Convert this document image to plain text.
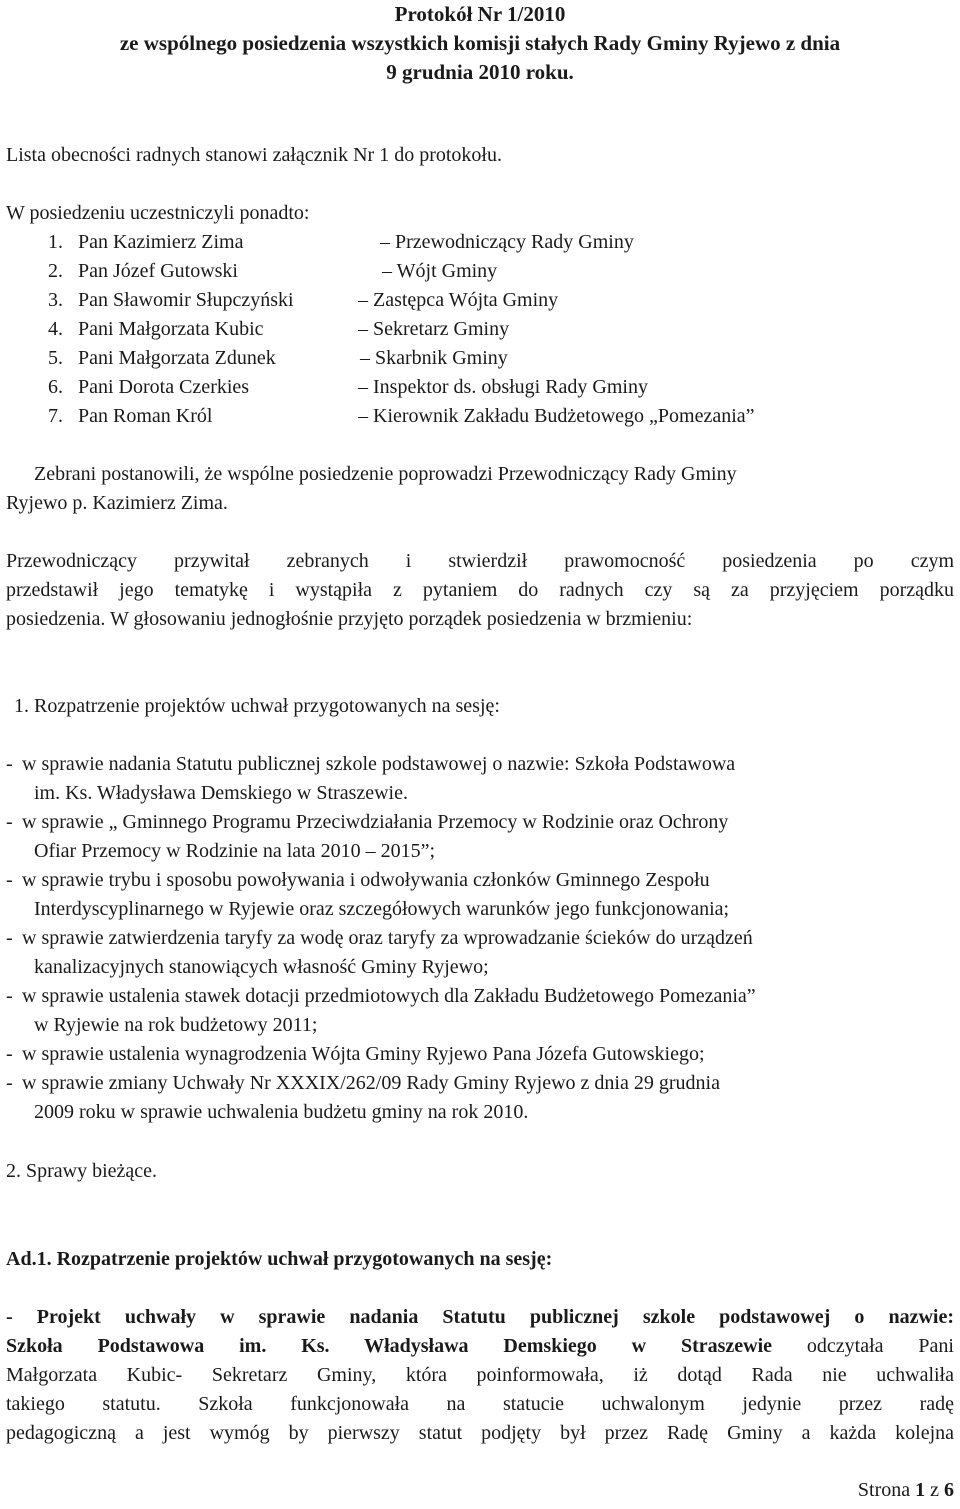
Protokół Nr 1/2010
ze wspólnego posiedzenia wszystkich komisji stałych Rady Gminy Ryjewo z dnia
9 grudnia 2010 roku.
Lista obecności radnych stanowi załącznik Nr 1 do protokołu.
W posiedzeniu uczestniczyli ponadto:
1. Pan Kazimierz Zima	– Przewodniczący Rady Gminy
2. Pan Józef Gutowski	– Wójt Gminy
3. Pan Sławomir Słupczyński	– Zastępca Wójta Gminy
4. Pani Małgorzata Kubic	– Sekretarz Gminy
5. Pani Małgorzata Zdunek	– Skarbnik Gminy
6. Pani Dorota Czerkies	– Inspektor ds. obsługi Rady Gminy
7. Pan Roman Król	– Kierownik Zakładu Budżetowego „Pomezania”
Zebrani postanowili, że wspólne posiedzenie poprowadzi Przewodniczący Rady Gminy
Ryjewo p. Kazimierz Zima.
Przewodniczący przywitał zebranych i stwierdził prawomocność posiedzenia po czym
przedstawił jego tematykę i wystąpiła z pytaniem do radnych czy są za przyjęciem porządku
posiedzenia. W głosowaniu jednogłośnie przyjęto porządek posiedzenia w brzmieniu:
1. Rozpatrzenie projektów uchwał przygotowanych na sesję:
- w sprawie nadania Statutu publicznej szkole podstawowej o nazwie: Szkoła Podstawowa
im. Ks. Władysława Demskiego w Straszewie.
- w sprawie „ Gminnego Programu Przeciwdziałania Przemocy w Rodzinie oraz Ochrony
Ofiar Przemocy w Rodzinie na lata 2010 – 2015”;
- w sprawie trybu i sposobu powoływania i odwoływania członków Gminnego Zespołu
Interdyscyplinarnego w Ryjewie oraz szczegółowych warunków jego funkcjonowania;
- w sprawie zatwierdzenia taryfy za wodę oraz taryfy za wprowadzanie ścieków do urządzeń
kanalizacyjnych stanowiących własność Gminy Ryjewo;
- w sprawie ustalenia stawek dotacji przedmiotowych dla Zakładu Budżetowego Pomezania”
w Ryjewie na rok budżetowy 2011;
- w sprawie ustalenia wynagrodzenia Wójta Gminy Ryjewo Pana Józefa Gutowskiego;
- w sprawie zmiany Uchwały Nr XXXIX/262/09 Rady Gminy Ryjewo z dnia 29 grudnia
2009 roku w sprawie uchwalenia budżetu gminy na rok 2010.
2. Sprawy bieżące.
Ad.1. Rozpatrzenie projektów uchwał przygotowanych na sesję:
- Projekt uchwały w sprawie nadania Statutu publicznej szkole podstawowej o nazwie:
Szkoła Podstawowa im. Ks. Władysława Demskiego w Straszewie odczytała Pani
Małgorzata Kubic- Sekretarz Gminy, która poinformowała, iż dotąd Rada nie uchwaliła
takiego statutu. Szkoła funkcjonowała na statucie uchwalonym jedynie przez radę
pedagogiczną a jest wymóg by pierwszy statut podjęty był przez Radę Gminy a każda kolejna
Strona 1 z 6
